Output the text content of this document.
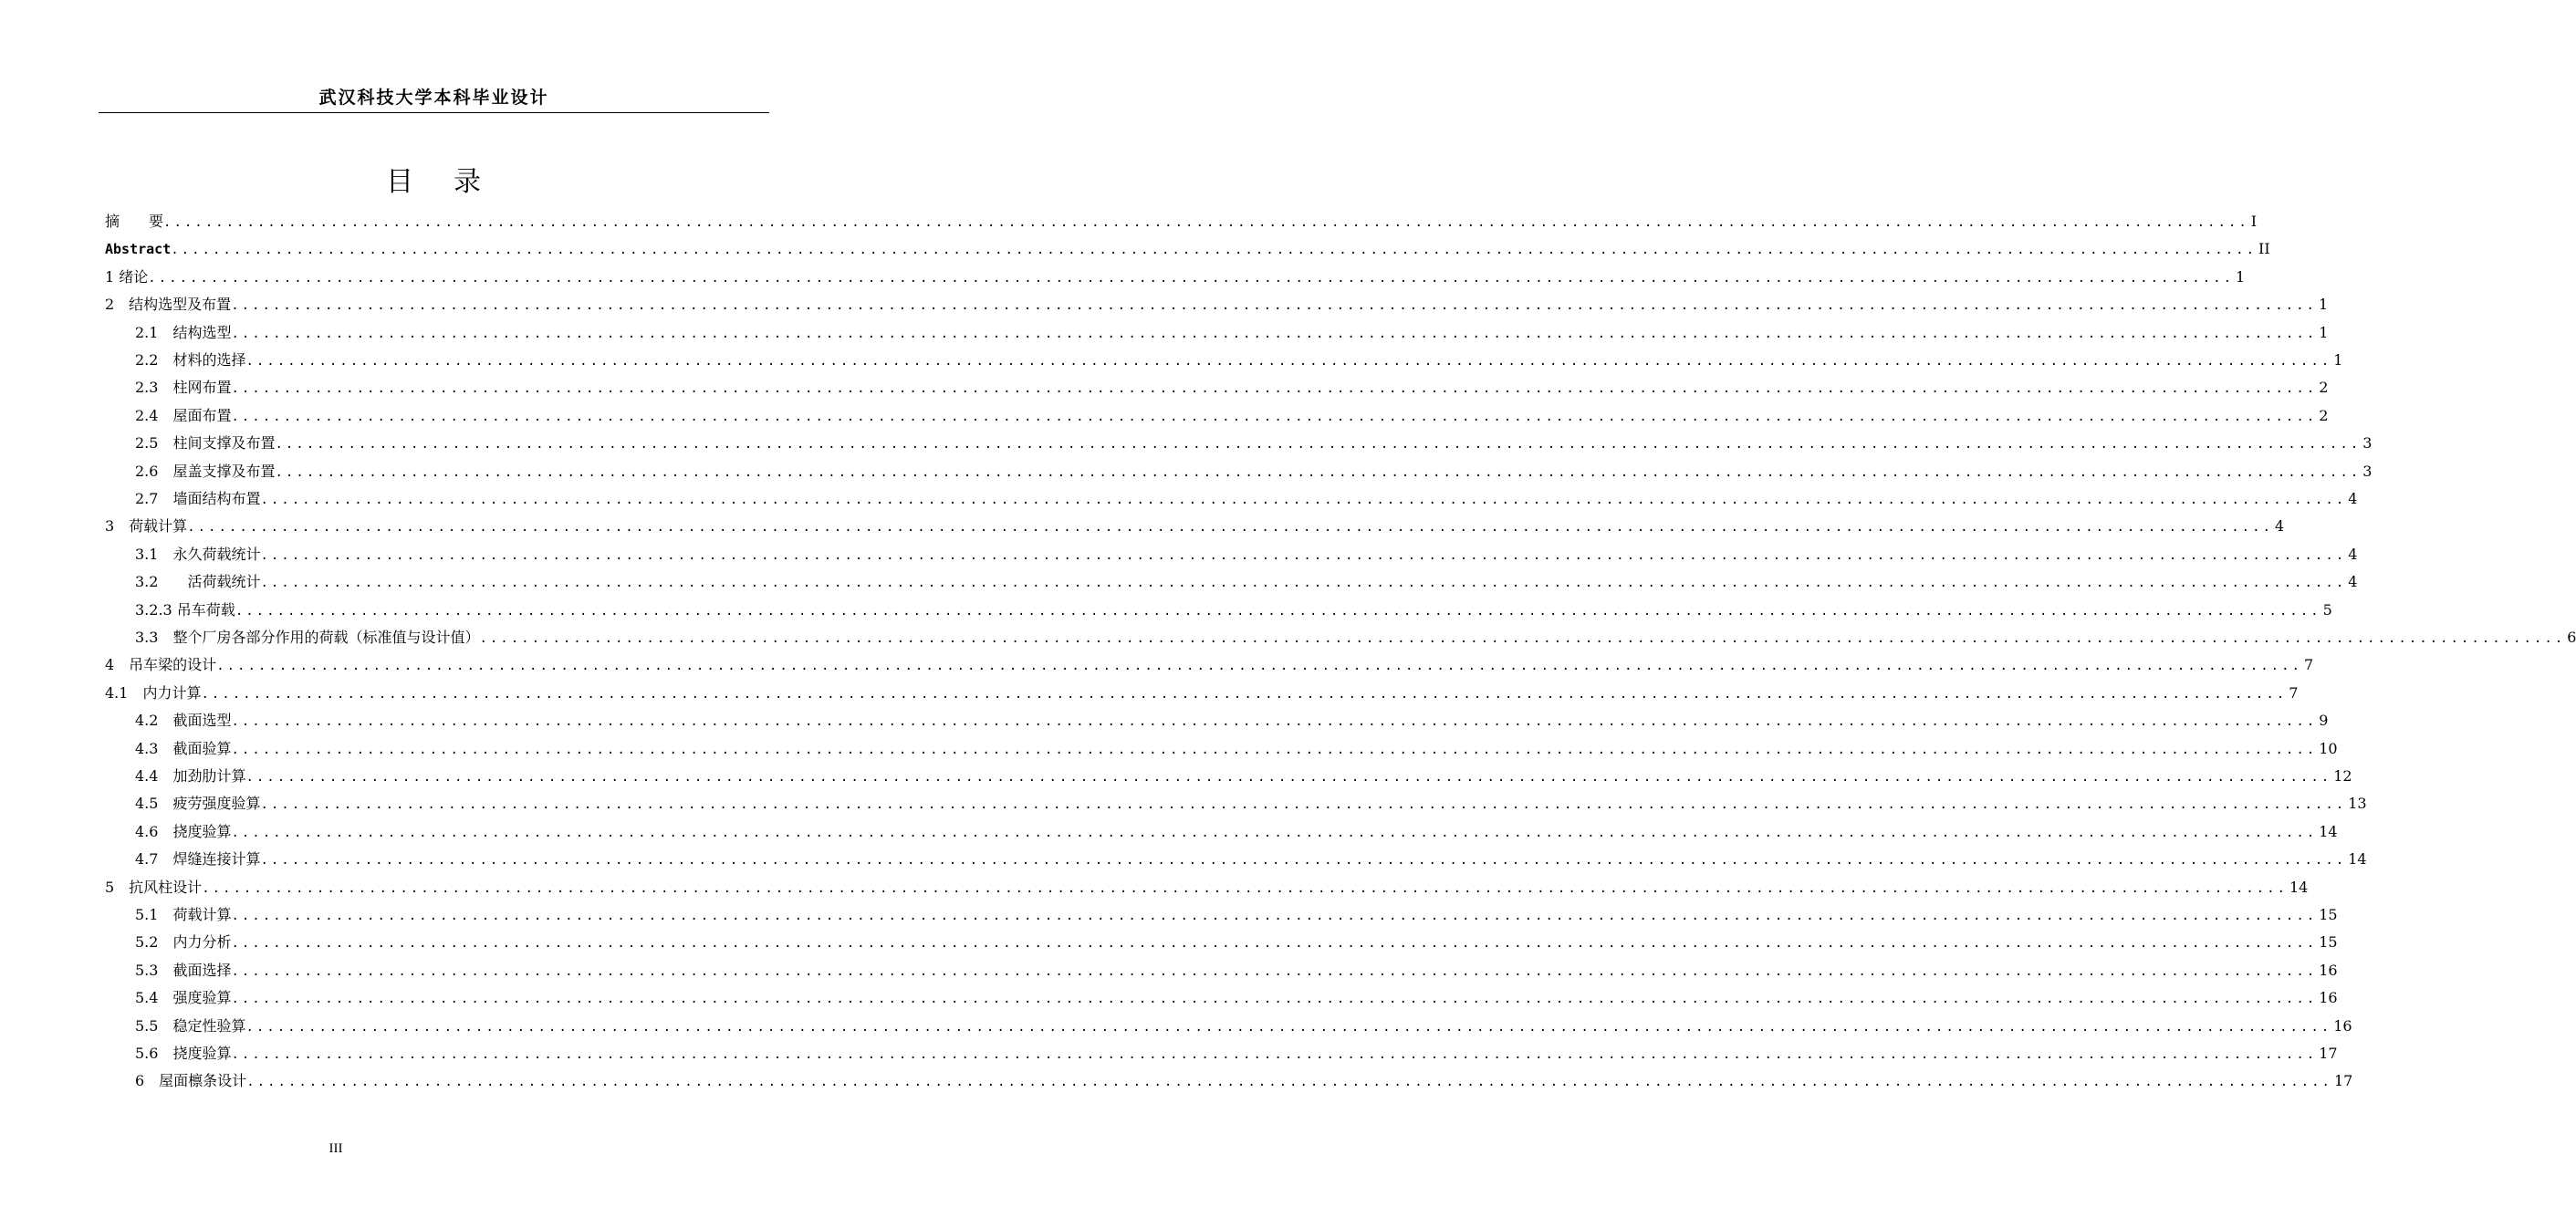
武汉科技大学本科毕业设计
目 录
摘　　要 ........................................................................................................................................................................................................ I
Abstract ........................................................................................................................................................................................................ II
1 绪论 ........................................................................................................................................................................................................ 1
2　结构选型及布置 ........................................................................................................................................................................................................ 1
2.1　结构选型 ........................................................................................................................................................................................................ 1
2.2　材料的选择 ........................................................................................................................................................................................................ 1
2.3　柱网布置 ........................................................................................................................................................................................................ 2
2.4　屋面布置 ........................................................................................................................................................................................................ 2
2.5　柱间支撑及布置 ........................................................................................................................................................................................................ 3
2.6　屋盖支撑及布置 ........................................................................................................................................................................................................ 3
2.7　墙面结构布置 ........................................................................................................................................................................................................ 4
3　荷载计算 ........................................................................................................................................................................................................ 4
3.1　永久荷载统计 ........................................................................................................................................................................................................ 4
3.2　　活荷载统计 ........................................................................................................................................................................................................ 4
3.2.3 吊车荷载 ........................................................................................................................................................................................................ 5
3.3　整个厂房各部分作用的荷载（标准值与设计值） ........................................................................................................................................................................................................ 6
4　吊车梁的设计 ........................................................................................................................................................................................................ 7
4.1　内力计算 ........................................................................................................................................................................................................ 7
4.2　截面选型 ........................................................................................................................................................................................................ 9
4.3　截面验算 ........................................................................................................................................................................................................ 10
4.4　加劲肋计算 ........................................................................................................................................................................................................ 12
4.5　疲劳强度验算 ........................................................................................................................................................................................................ 13
4.6　挠度验算 ........................................................................................................................................................................................................ 14
4.7　焊缝连接计算 ........................................................................................................................................................................................................ 14
5　抗风柱设计 ........................................................................................................................................................................................................ 14
5.1　荷载计算 ........................................................................................................................................................................................................ 15
5.2　内力分析 ........................................................................................................................................................................................................ 15
5.3　截面选择 ........................................................................................................................................................................................................ 16
5.4　强度验算 ........................................................................................................................................................................................................ 16
5.5　稳定性验算 ........................................................................................................................................................................................................ 16
5.6　挠度验算 ........................................................................................................................................................................................................ 17
6　屋面檩条设计 ........................................................................................................................................................................................................ 17
III
